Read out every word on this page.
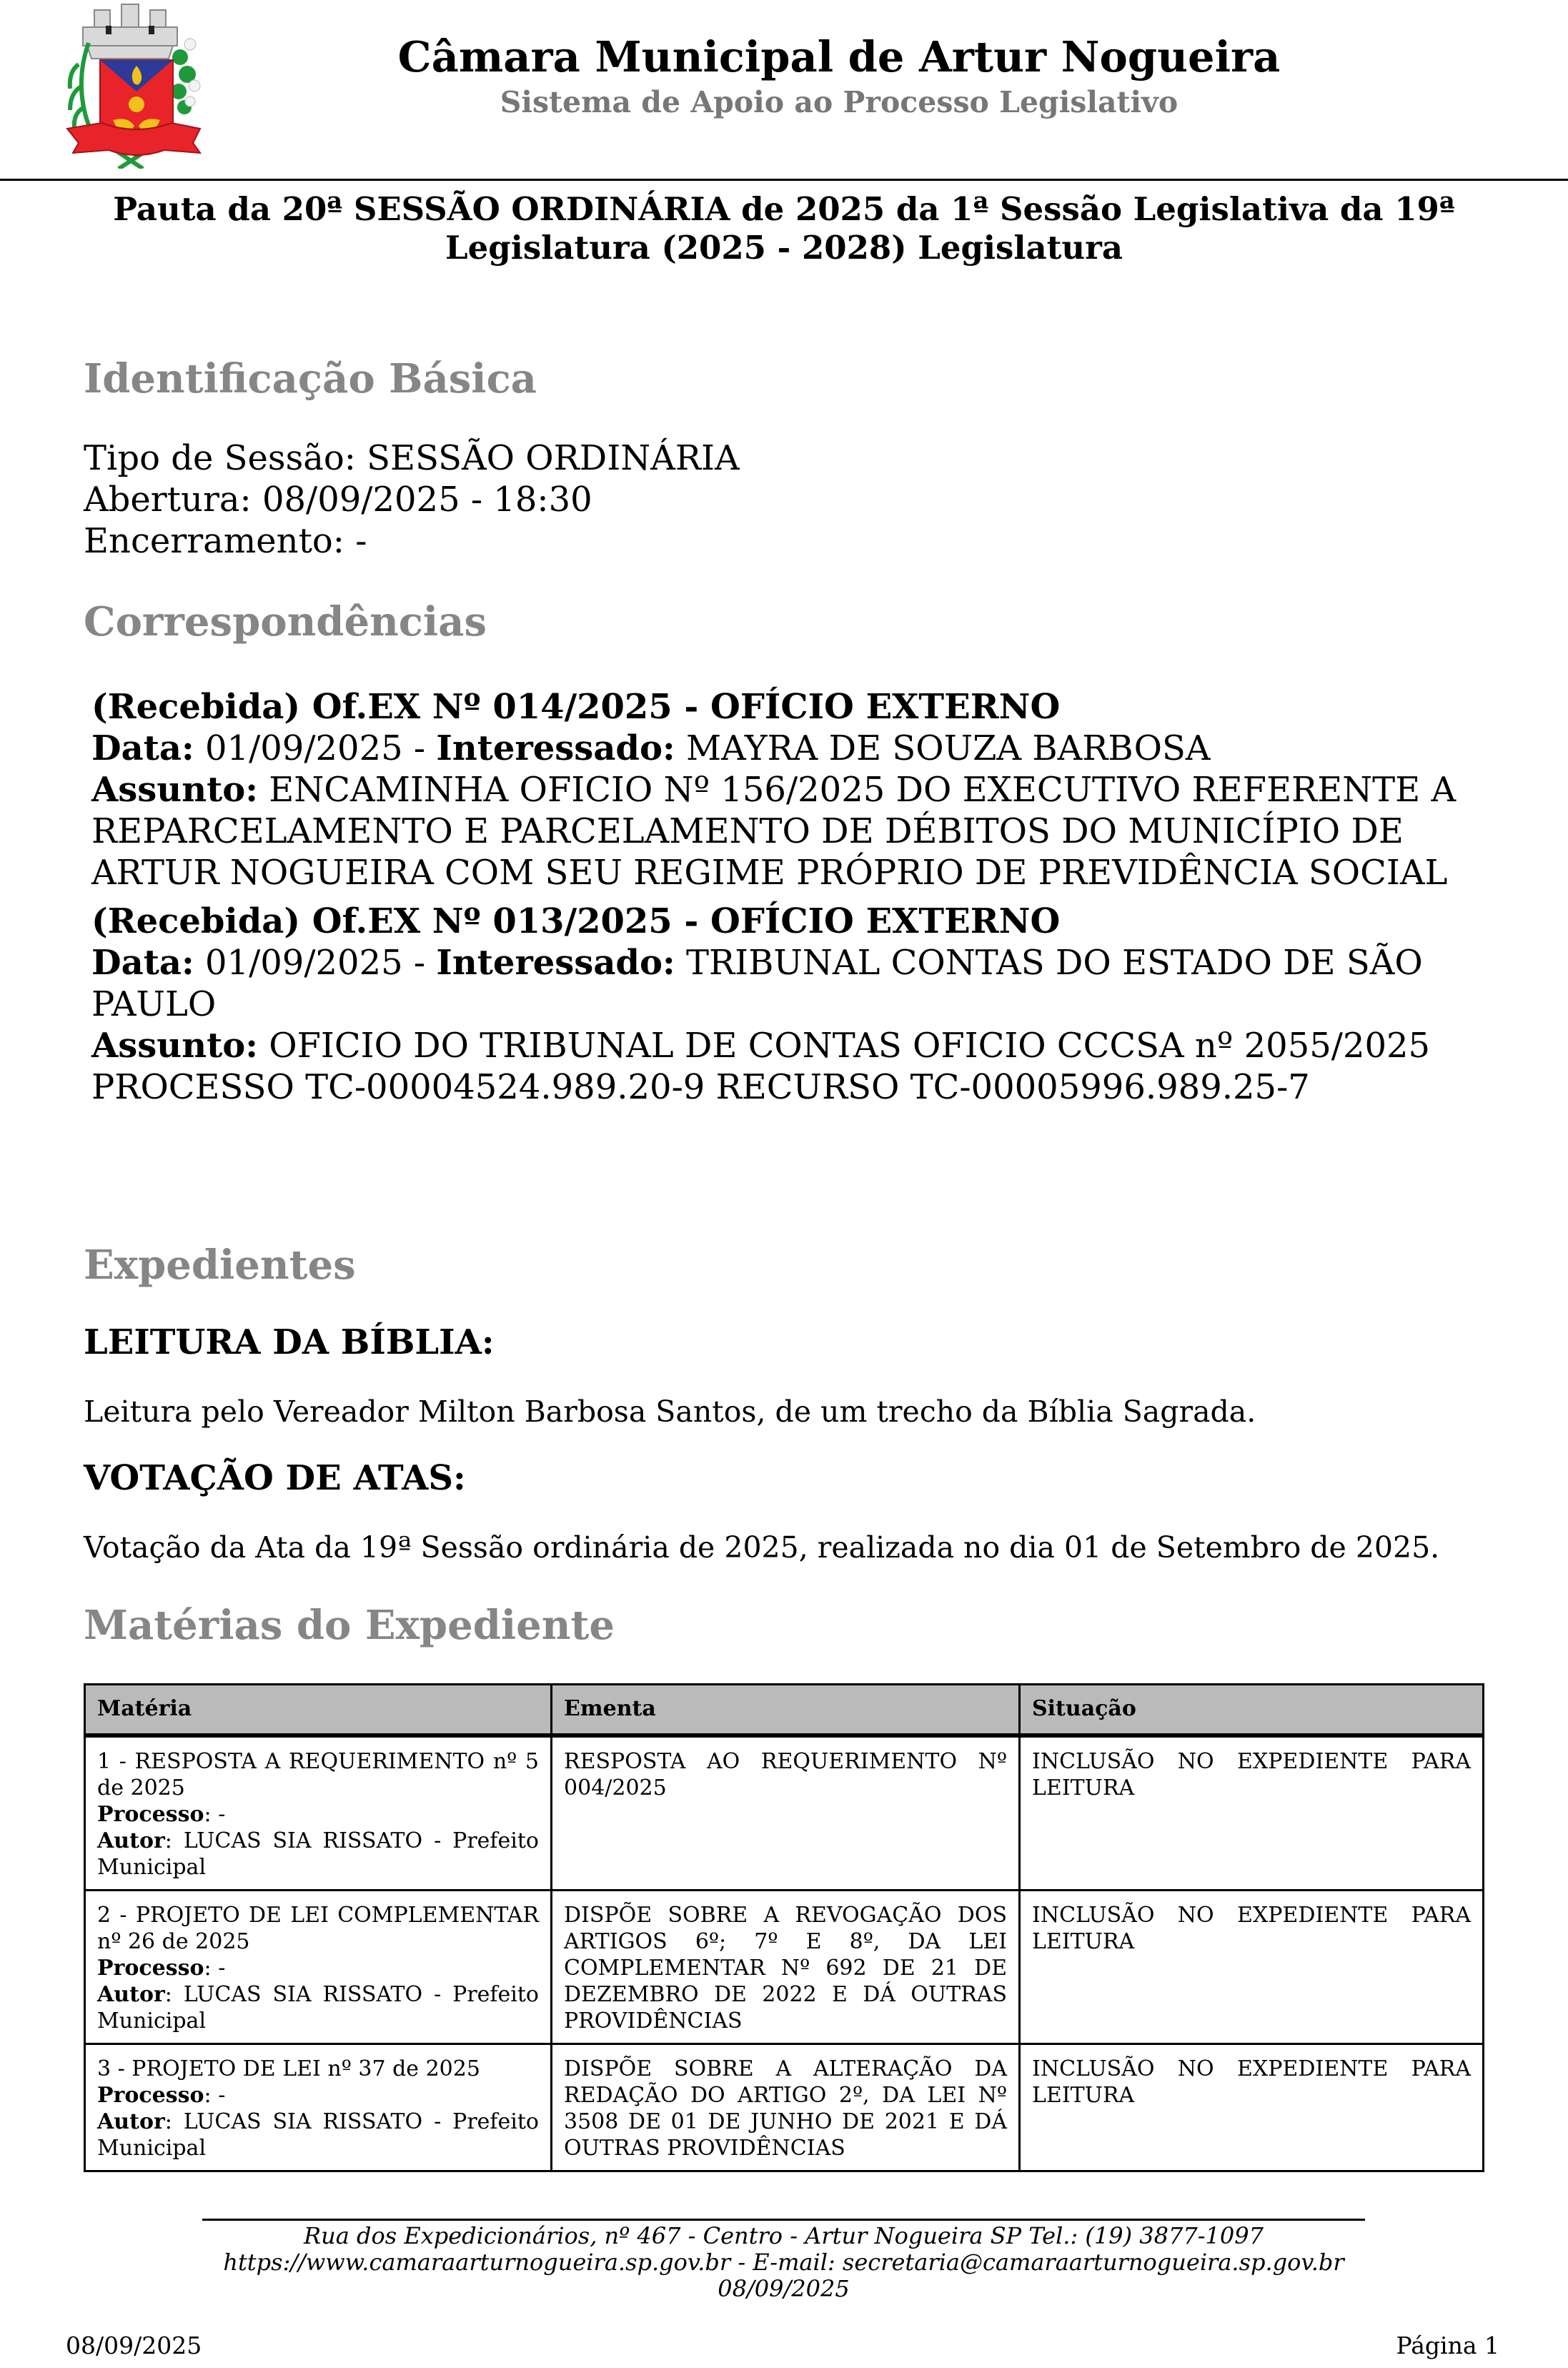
Câmara Municipal de Artur Nogueira
Sistema de Apoio ao Processo Legislativo
Pauta da 20ª SESSÃO ORDINÁRIA de 2025 da 1ª Sessão Legislativa da 19ª Legislatura (2025 - 2028) Legislatura
Identificação Básica
Tipo de Sessão: SESSÃO ORDINÁRIA
Abertura: 08/09/2025 - 18:30
Encerramento: -
Correspondências
(Recebida) Of.EX Nº 014/2025 - OFÍCIO EXTERNO
Data: 01/09/2025 - Interessado: MAYRA DE SOUZA BARBOSA
Assunto: ENCAMINHA OFICIO Nº 156/2025 DO EXECUTIVO REFERENTE A REPARCELAMENTO E PARCELAMENTO DE DÉBITOS DO MUNICÍPIO DE ARTUR NOGUEIRA COM SEU REGIME PRÓPRIO DE PREVIDÊNCIA SOCIAL
(Recebida) Of.EX Nº 013/2025 - OFÍCIO EXTERNO
Data: 01/09/2025 - Interessado: TRIBUNAL CONTAS DO ESTADO DE SÃO PAULO
Assunto: OFICIO DO TRIBUNAL DE CONTAS OFICIO CCCSA nº 2055/2025 PROCESSO TC-00004524.989.20-9 RECURSO TC-00005996.989.25-7
Expedientes
LEITURA DA BÍBLIA:
Leitura pelo Vereador Milton Barbosa Santos, de um trecho da Bíblia Sagrada.
VOTAÇÃO DE ATAS:
Votação da Ata da 19ª Sessão ordinária de 2025, realizada no dia 01 de Setembro de 2025.
Matérias do Expediente
Matéria	Ementa	Situação

1 - RESPOSTA A REQUERIMENTO nº 5 de 2025
Processo: -
Autor: LUCAS SIA RISSATO - Prefeito Municipal	RESPOSTA AO REQUERIMENTO Nº 004/2025	INCLUSÃO NO EXPEDIENTE PARA LEITURA

2 - PROJETO DE LEI COMPLEMENTAR nº 26 de 2025
Processo: -
Autor: LUCAS SIA RISSATO - Prefeito Municipal	DISPÕE SOBRE A REVOGAÇÃO DOS ARTIGOS 6º; 7º E 8º, DA LEI COMPLEMENTAR Nº 692 DE 21 DE DEZEMBRO DE 2022 E DÁ OUTRAS PROVIDÊNCIAS	INCLUSÃO NO EXPEDIENTE PARA LEITURA

3 - PROJETO DE LEI nº 37 de 2025
Processo: -
Autor: LUCAS SIA RISSATO - Prefeito Municipal	DISPÕE SOBRE A ALTERAÇÃO DA REDAÇÃO DO ARTIGO 2º, DA LEI Nº 3508 DE 01 DE JUNHO DE 2021 E DÁ OUTRAS PROVIDÊNCIAS	INCLUSÃO NO EXPEDIENTE PARA LEITURA
Rua dos Expedicionários, nº 467 - Centro - Artur Nogueira SP Tel.: (19) 3877-1097 https://www.camaraarturnogueira.sp.gov.br - E-mail: secretaria@camaraarturnogueira.sp.gov.br
08/09/2025
08/09/2025	Página 1
